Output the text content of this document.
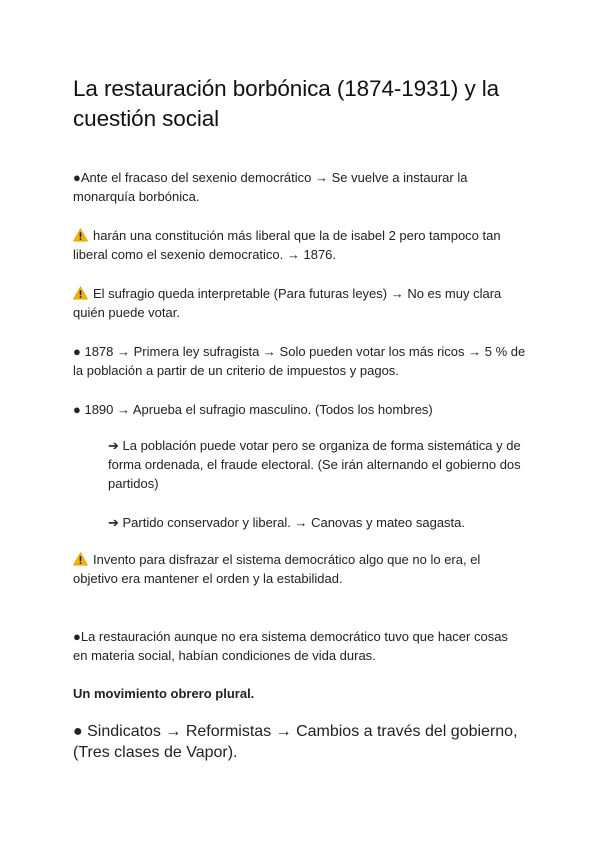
La restauración borbónica (1874-1931) y la cuestión social

●Ante el fracaso del sexenio democrático → Se vuelve a instaurar la monarquía borbónica.

harán una constitución más liberal que la de isabel 2 pero tampoco tan liberal como el sexenio democratico. → 1876.

El sufragio queda interpretable (Para futuras leyes) → No es muy clara quién puede votar.

● 1878 → Primera ley sufragista → Solo pueden votar los más ricos → 5 % de la población a partir de un criterio de impuestos y pagos.

● 1890 → Aprueba el sufragio masculino. (Todos los hombres)

➔ La población puede votar pero se organiza de forma sistemática y de forma ordenada, el fraude electoral. (Se irán alternando el gobierno dos partidos)

➔ Partido conservador y liberal. → Canovas y mateo sagasta.

Invento para disfrazar el sistema democrático algo que no lo era, el objetivo era mantener el orden y la estabilidad.

●La restauración aunque no era sistema democrático tuvo que hacer cosas en materia social, habían condiciones de vida duras.

Un movimiento obrero plural.

● Sindicatos → Reformistas → Cambios a través del gobierno, (Tres clases de Vapor).
